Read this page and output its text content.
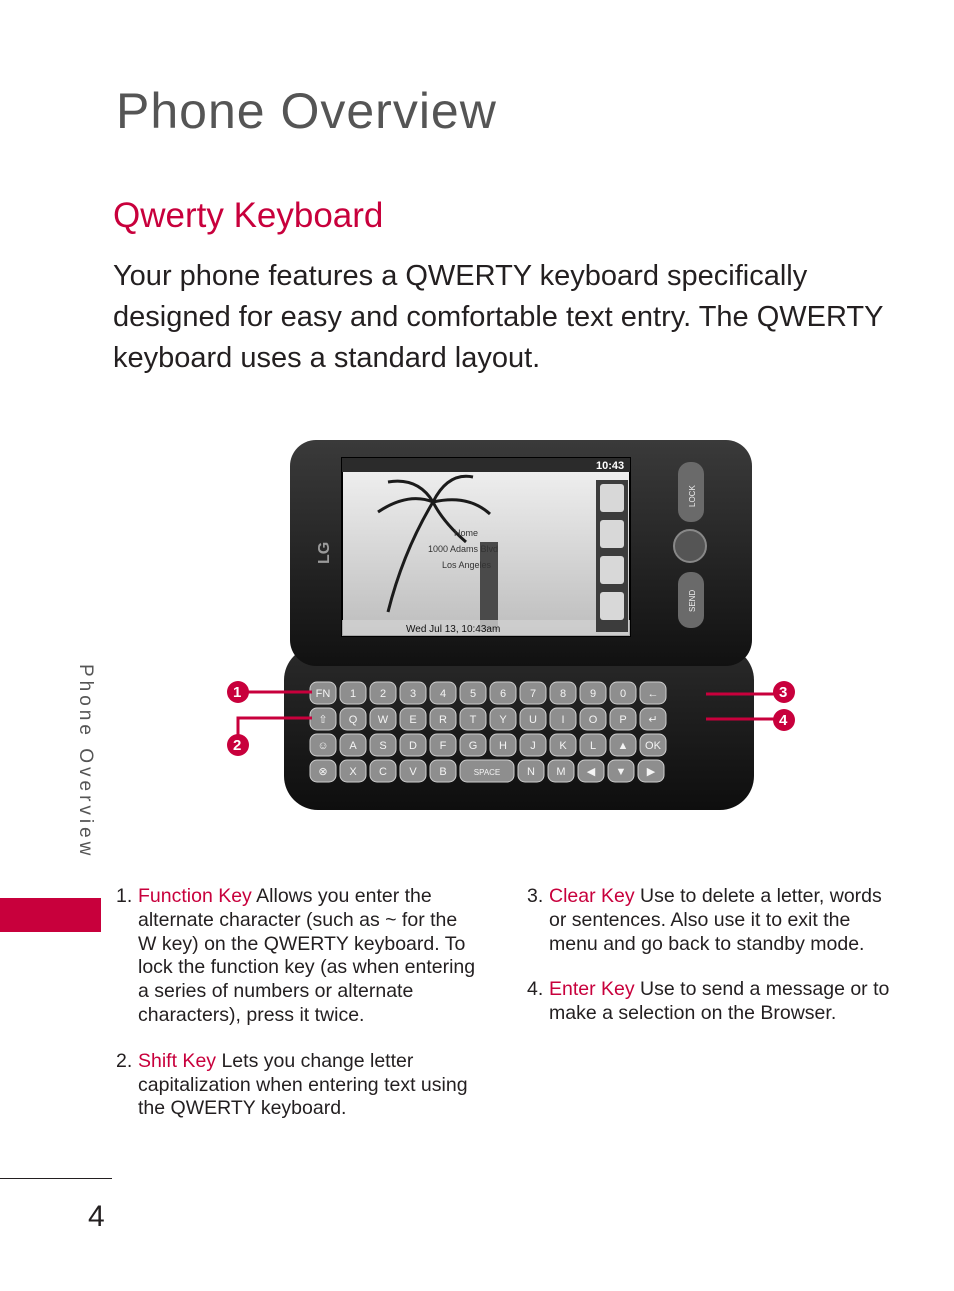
Phone Overview
Qwerty Keyboard

Your phone features a QWERTY keyboard specifically designed for easy and comfortable text entry. The QWERTY keyboard uses a standard layout.

Phone Overview
10:43
Home
1000 Adams Blvd
Los Angeles
Wed Jul 13, 10:43am
LG
LOCK
SEND
FN 1 2 3 4 5 6 7 8 9 0 ←
⇧ Q W E R T Y U I O P ↵
☺ A S D F G H J K L ▲ OK
⊗ X C V B	SPACE N M ◀ ▼ ▶
1
2
3
4
1. Function Key Allows you enter the alternate character (such as ~ for the W key) on the QWERTY keyboard. To lock the function key (as when entering a series of numbers or alternate characters), press it twice.
2. Shift Key Lets you change letter capitalization when entering text using the QWERTY keyboard.
3. Clear Key Use to delete a letter, words or sentences. Also use it to exit the menu and go back to standby mode.
4. Enter Key Use to send a message or to make a selection on the Browser.
4
